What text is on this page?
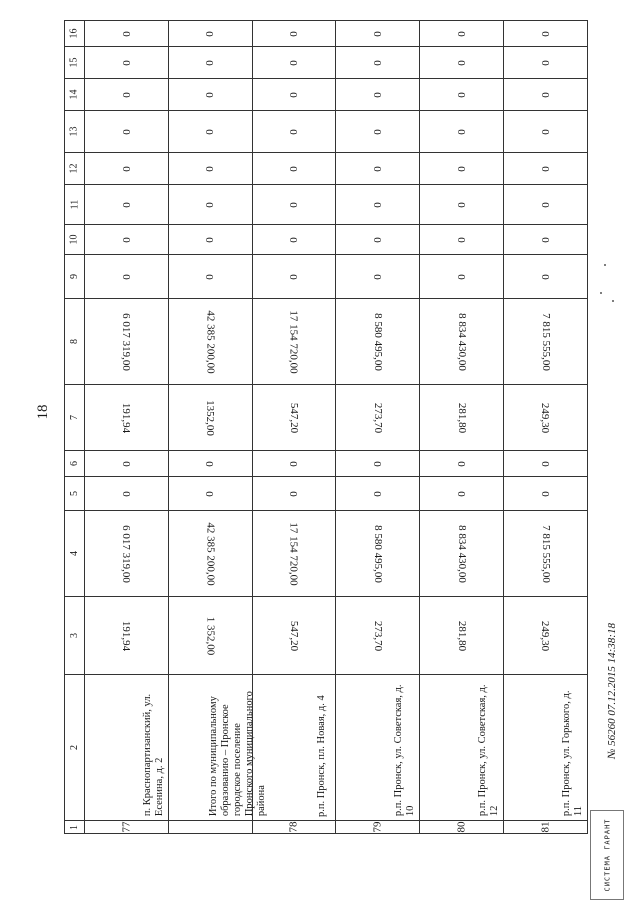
18
16	0	0	0	0	0	0
15	0	0	0	0	0	0
14	0	0	0	0	0	0
13	0	0	0	0	0	0
12	0	0	0	0	0	0
11	0	0	0	0	0	0
10	0	0	0	0	0	0
9	0	0	0	0	0	0
8	6 017 319,00	42 385 200,00	17 154 720,00	8 580 495,00	8 834 430,00	7 815 555,00
7	191,94	1352,00	547,20	273,70	281,80	249,30
6	0	0	0	0	0	0
5	0	0	0	0	0	0
4	6 017 319,00	42 385 200,00	17 154 720,00	8 580 495,00	8 834 430,00	7 815 555,00
3	191,94	1 352,00	547,20	273,70	281,80	249,30
2	п. Краснопартизанский, ул. Есенина, д. 2	Итого по муниципальному образованию – Пронское городское поселение Пронского муниципального района	р.п. Пронск, пл. Новая, д. 4	р.п. Пронск, ул. Советская, д. 10	р.п. Пронск, ул. Советская, д. 12	р.п. Пронск, ул. Горького, д. 11
1	77		78	79	80	81
№ 56260 07.12.2015 14:38:18
СИСТЕМА ГАРАНТ
